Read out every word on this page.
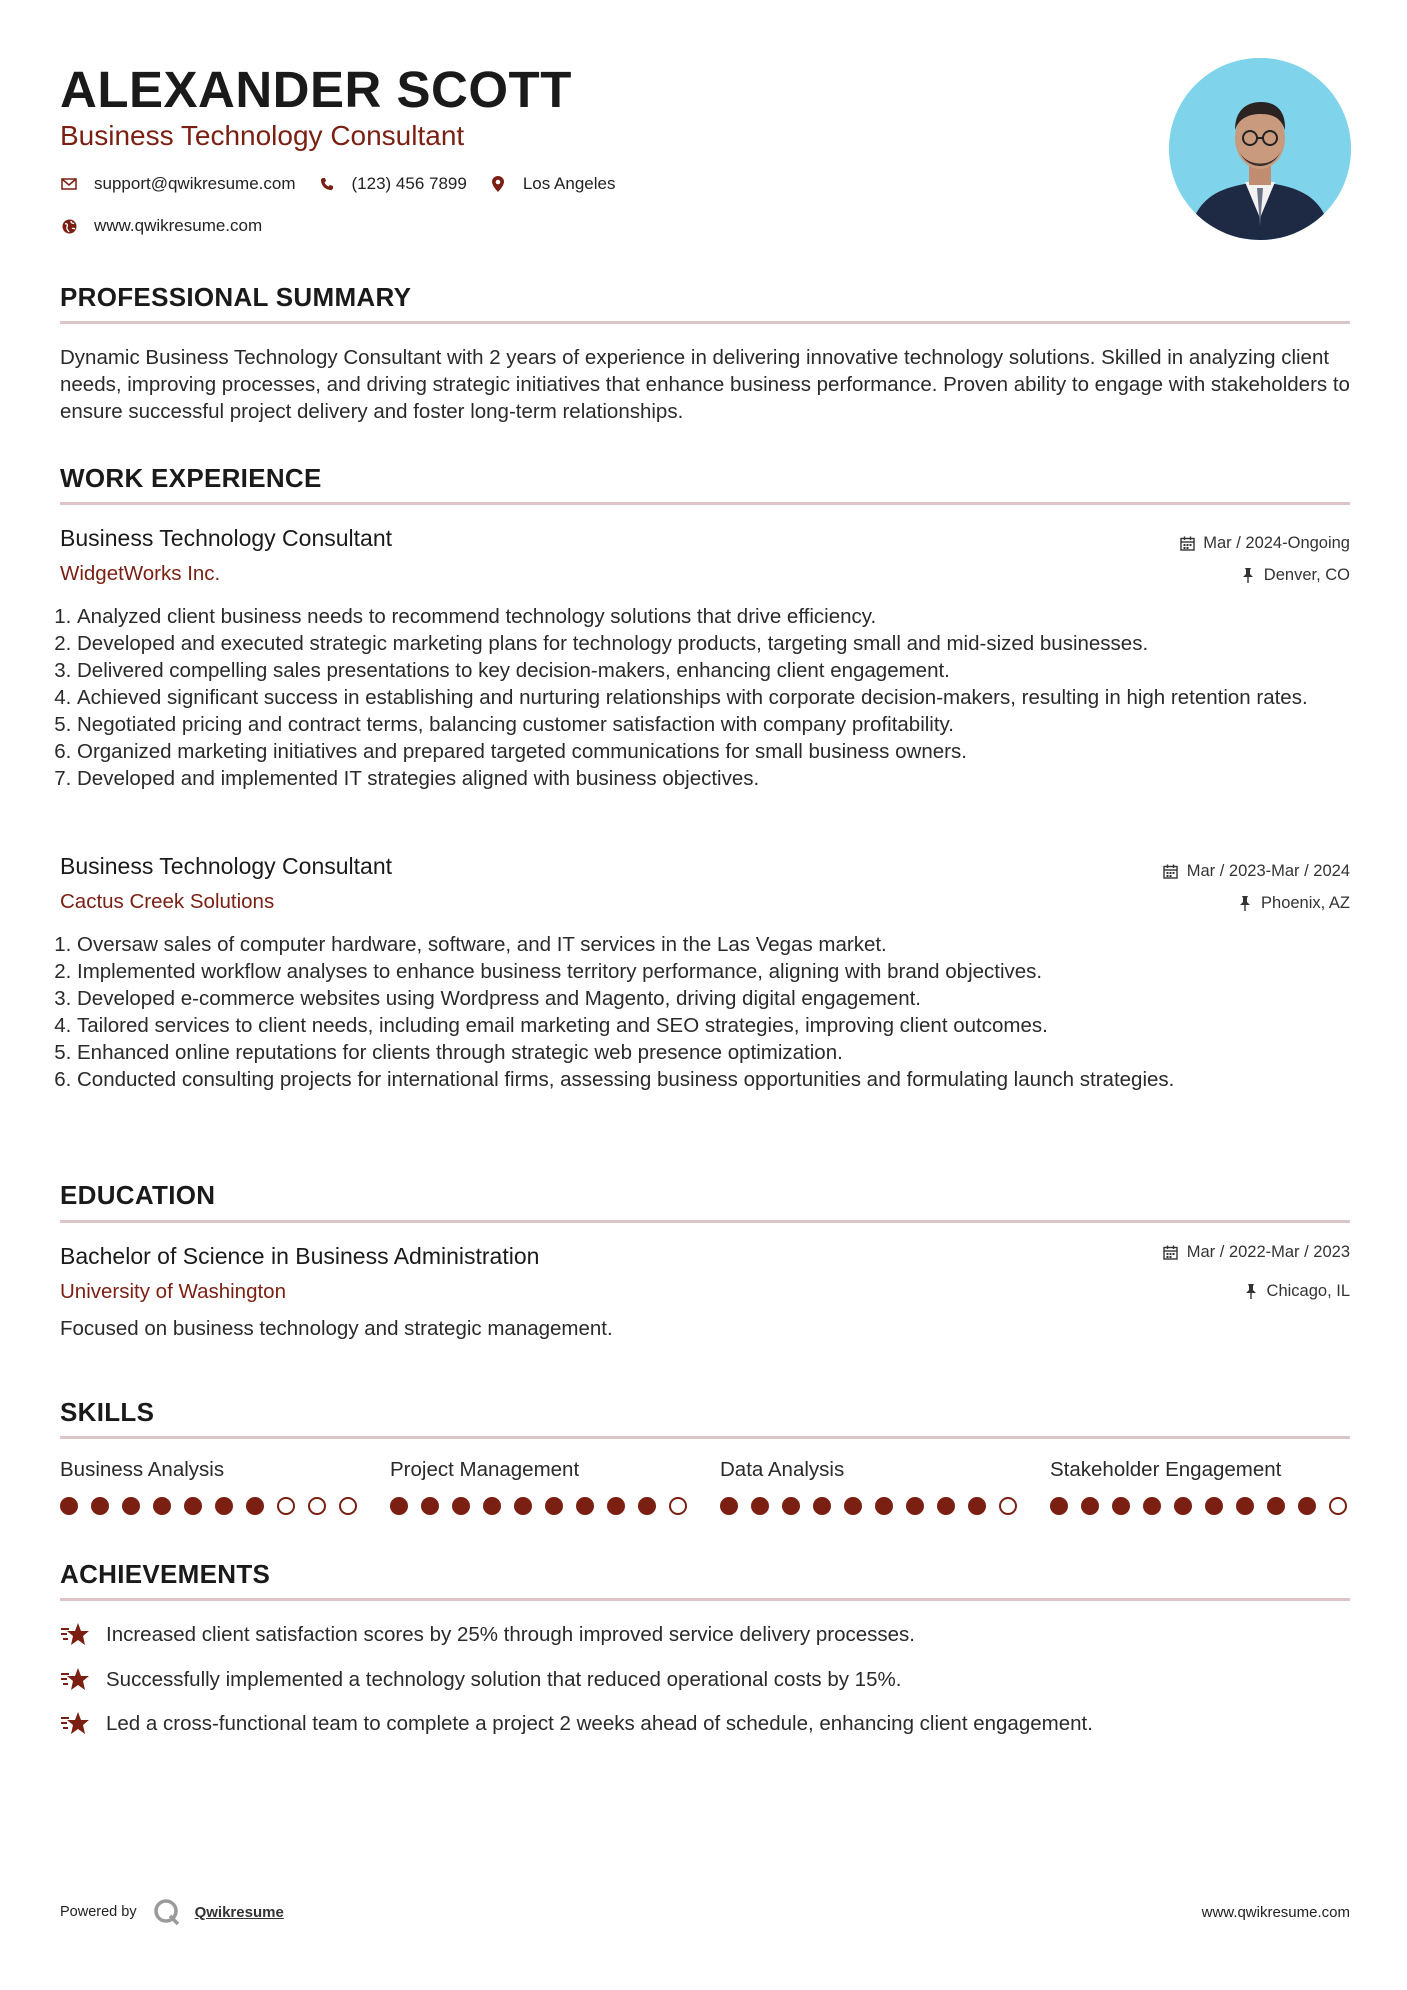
ALEXANDER SCOTT
Business Technology Consultant
support@qwikresume.com	(123) 456 7899	Los Angeles
www.qwikresume.com
PROFESSIONAL SUMMARY
Dynamic Business Technology Consultant with 2 years of experience in delivering innovative technology solutions. Skilled in analyzing client needs, improving processes, and driving strategic initiatives that enhance business performance. Proven ability to engage with stakeholders to ensure successful project delivery and foster long-term relationships.
WORK EXPERIENCE
Business Technology Consultant	Mar / 2024-Ongoing
WidgetWorks Inc.	Denver, CO
1. Analyzed client business needs to recommend technology solutions that drive efficiency.
2. Developed and executed strategic marketing plans for technology products, targeting small and mid-sized businesses.
3. Delivered compelling sales presentations to key decision-makers, enhancing client engagement.
4. Achieved significant success in establishing and nurturing relationships with corporate decision-makers, resulting in high retention rates.
5. Negotiated pricing and contract terms, balancing customer satisfaction with company profitability.
6. Organized marketing initiatives and prepared targeted communications for small business owners.
7. Developed and implemented IT strategies aligned with business objectives.
Business Technology Consultant	Mar / 2023-Mar / 2024
Cactus Creek Solutions	Phoenix, AZ
1. Oversaw sales of computer hardware, software, and IT services in the Las Vegas market.
2. Implemented workflow analyses to enhance business territory performance, aligning with brand objectives.
3. Developed e-commerce websites using Wordpress and Magento, driving digital engagement.
4. Tailored services to client needs, including email marketing and SEO strategies, improving client outcomes.
5. Enhanced online reputations for clients through strategic web presence optimization.
6. Conducted consulting projects for international firms, assessing business opportunities and formulating launch strategies.
EDUCATION
Bachelor of Science in Business Administration	Mar / 2022-Mar / 2023
University of Washington	Chicago, IL
Focused on business technology and strategic management.
SKILLS
Business Analysis	Project Management	Data Analysis	Stakeholder Engagement
ACHIEVEMENTS
Increased client satisfaction scores by 25% through improved service delivery processes.
Successfully implemented a technology solution that reduced operational costs by 15%.
Led a cross-functional team to complete a project 2 weeks ahead of schedule, enhancing client engagement.
Powered by	Qwikresume	www.qwikresume.com
